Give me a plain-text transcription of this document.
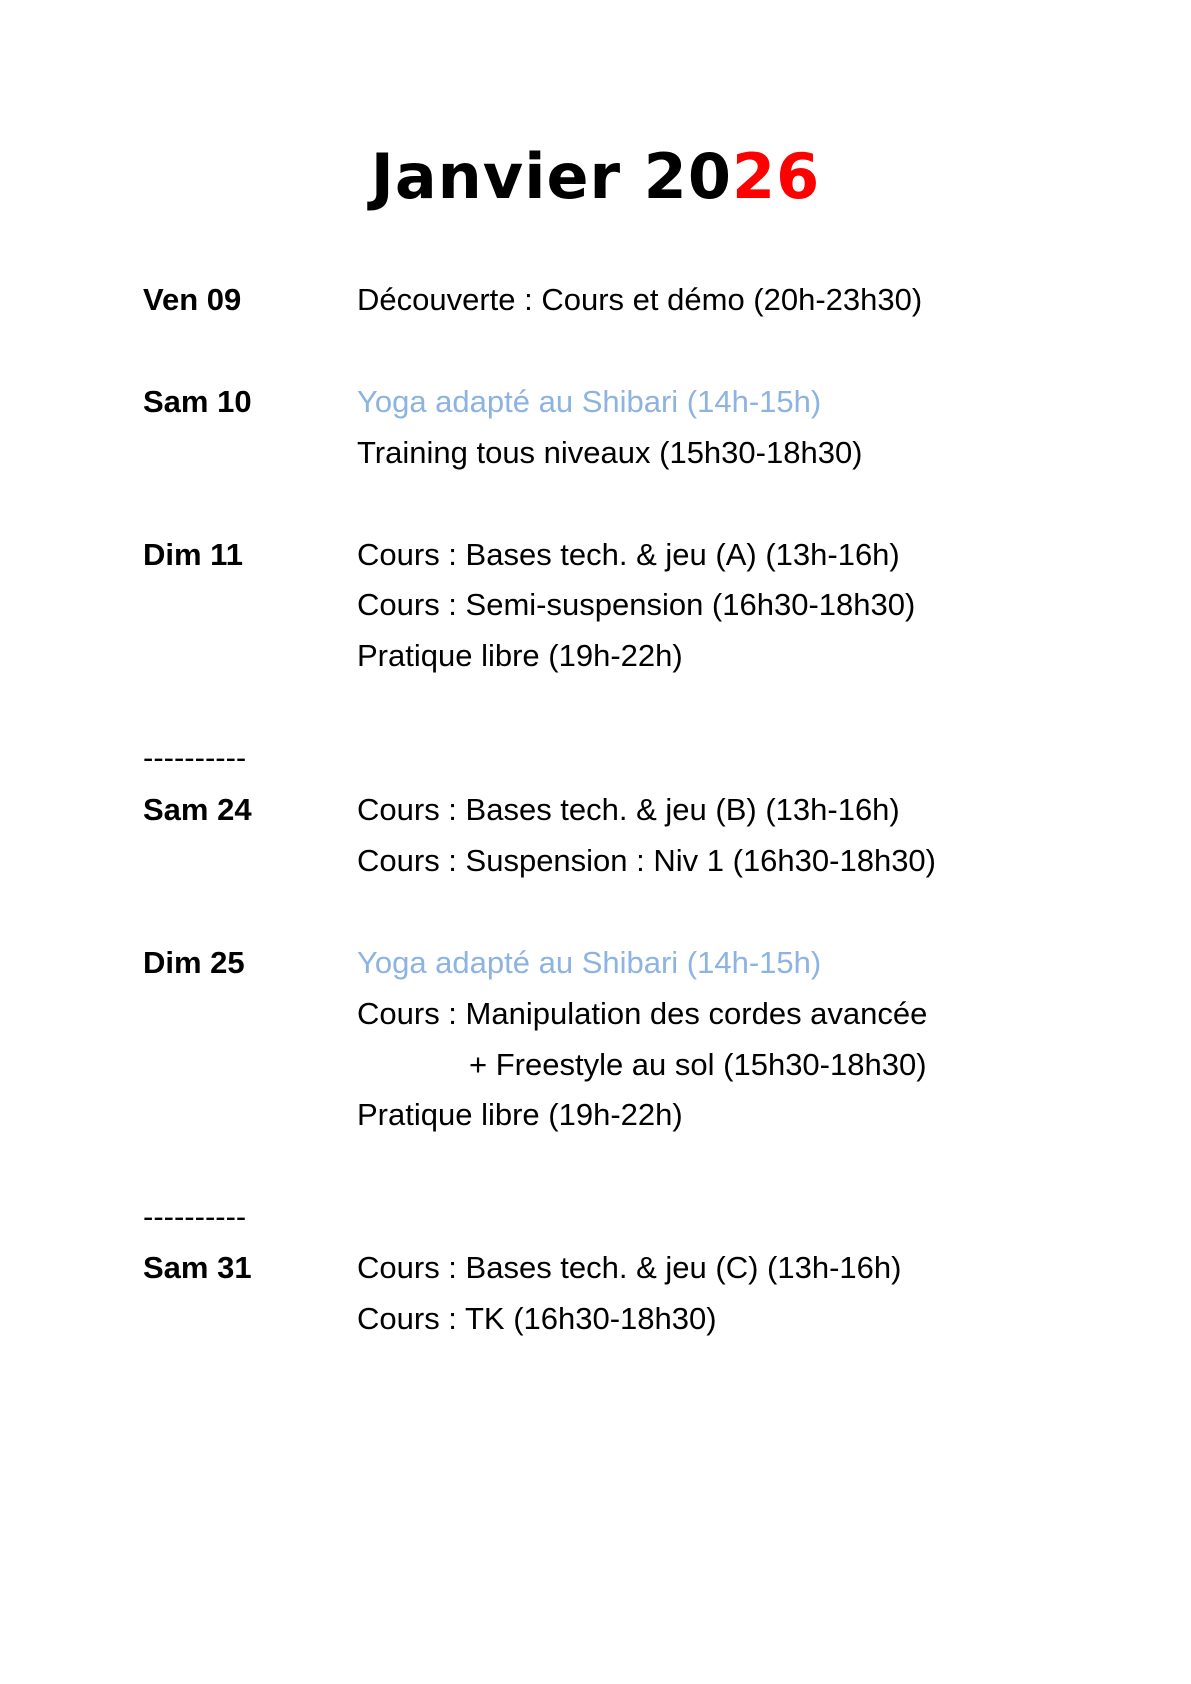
Janvier 2026
Ven 09	Découverte : Cours et démo (20h-23h30)
Sam 10	Yoga adapté au Shibari (14h-15h)
Training tous niveaux (15h30-18h30)
Dim 11	Cours : Bases tech. & jeu (A) (13h-16h)
Cours : Semi-suspension (16h30-18h30)
Pratique libre (19h-22h)
----------
Sam 24	Cours : Bases tech. & jeu (B) (13h-16h)
Cours : Suspension : Niv 1 (16h30-18h30)
Dim 25	Yoga adapté au Shibari (14h-15h)
Cours : Manipulation des cordes avancée
+ Freestyle au sol (15h30-18h30)
Pratique libre (19h-22h)
----------
Sam 31	Cours : Bases tech. & jeu (C) (13h-16h)
Cours : TK (16h30-18h30)
